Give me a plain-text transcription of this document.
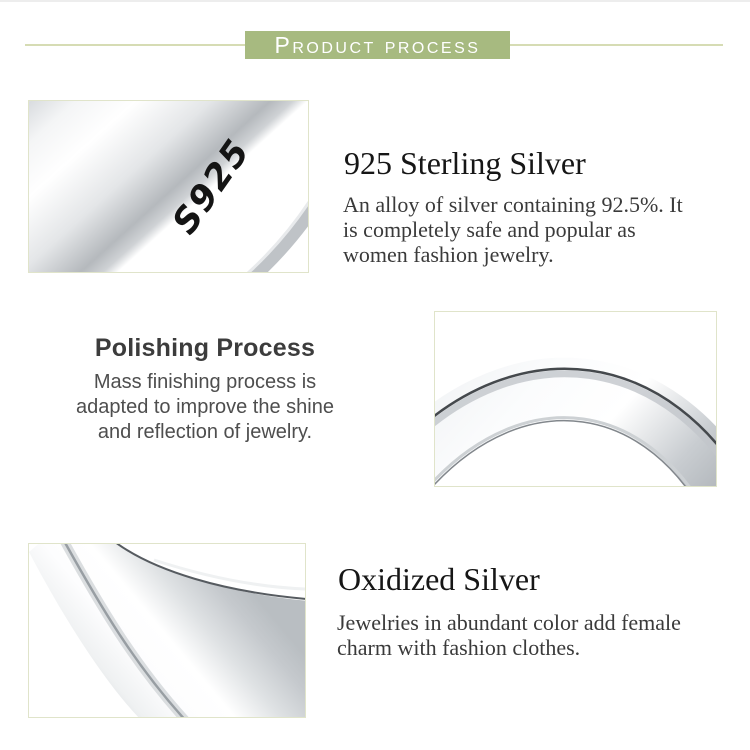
Product process
S925	925 Sterling Silver
An alloy of silver containing 92.5%. It
is completely safe and popular as
women fashion jewelry.
Polishing Process
Mass finishing process is
adapted to improve the shine
and reflection of jewelry.
Oxidized Silver
Jewelries in abundant color add female
charm with fashion clothes.
